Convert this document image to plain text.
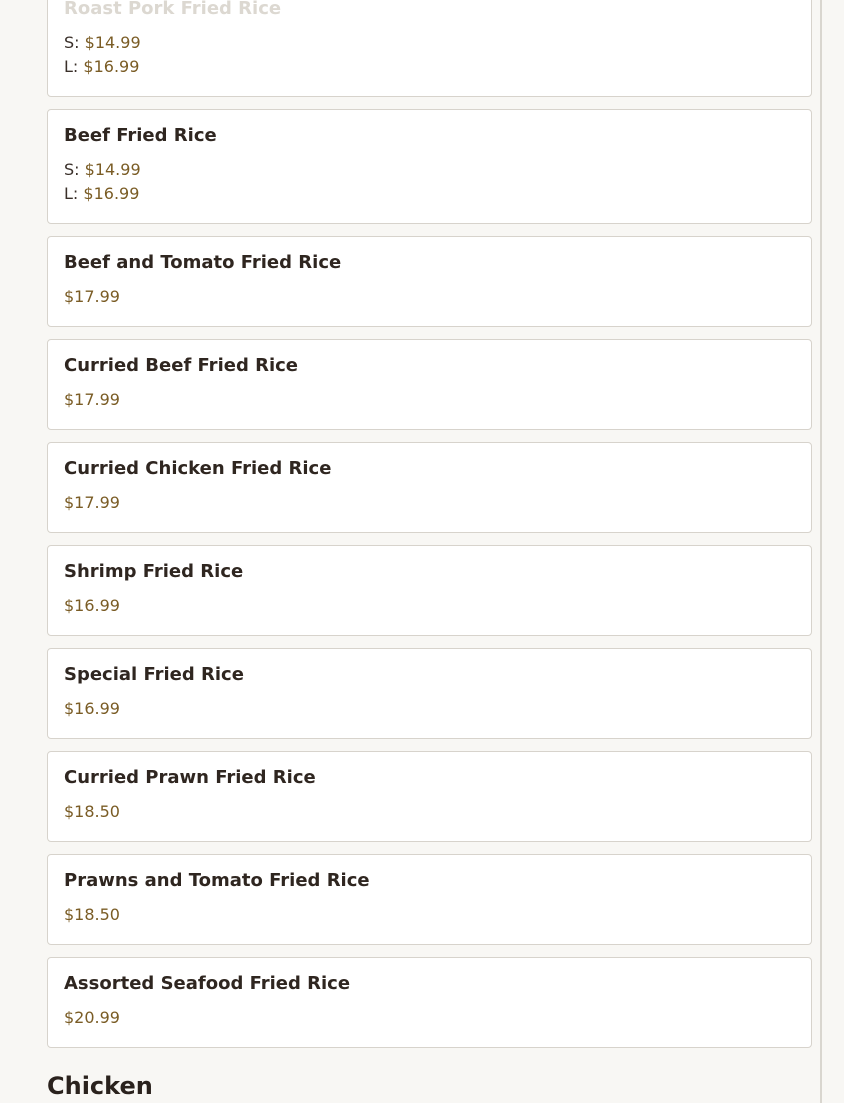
Roast Pork Fried Rice
S: $14.99
L: $16.99
Beef Fried Rice
S: $14.99
L: $16.99
Beef and Tomato Fried Rice
$17.99
Curried Beef Fried Rice
$17.99
Curried Chicken Fried Rice
$17.99
Shrimp Fried Rice
$16.99
Special Fried Rice
$16.99
Curried Prawn Fried Rice
$18.50
Prawns and Tomato Fried Rice
$18.50
Assorted Seafood Fried Rice
$20.99
Chicken
